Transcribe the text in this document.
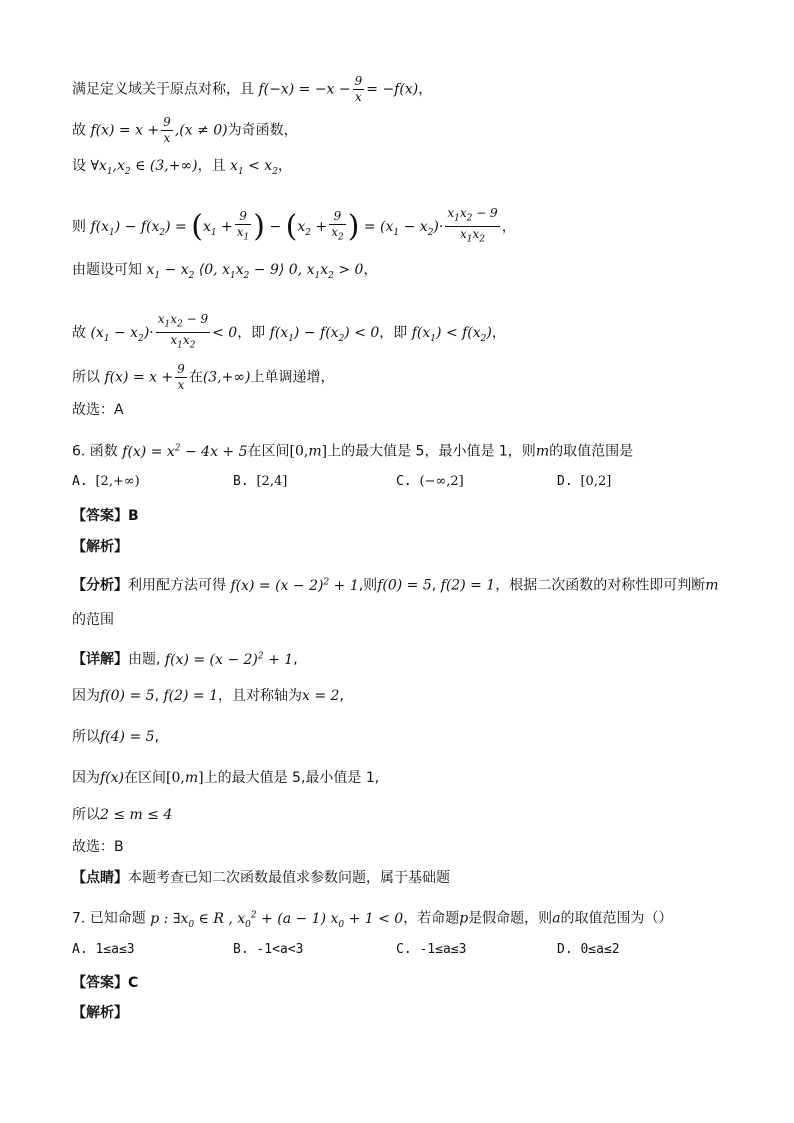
满足定义域关于原点对称，且 $f(-x) = -x - \frac{9}{x} = -f(x)$，
故 $f(x) = x + \frac{9}{x} ,(x \ne 0)$为奇函数，
设 $\forall x_1,x_2$ ∈ (3,+∞)，且 $x_1 < x_2$，
则 $f(x_1) - f(x_2) = (x_1 + \frac{9}{x_1}$ ) − ($x_2 + \frac{9}{x_2}$ ) = $(x_1 - x_2)\cdot \frac{x_1x_2 - 9}{x_1x_2}$ ，
由题设可知 $x_1 - x_2$ ⟨0, $x_1x_2$ − 9⟩ 0, $x_1x_2 > 0$，
故 $(x_1 - x_2)\cdot \frac{x_1x_2 - 9}{x_1x_2} < 0$，即 $f(x_1) - f(x_2) < 0$，即 $f(x_1) < f(x_2)$，
所以 $f(x) = x + \frac{9}{x}$ 在(3,+∞)上单调递增，
故选：A
6. 函数 $f(x) = x^2 - 4x + 5$在区间[0,m]上的最大值是 5，最小值是 1，则m的取值范围是
A. [2,+∞)	B. [2,4]	C. (−∞,2]	D. [0,2]
【答案】B
【解析】
【分析】利用配方法可得 $f(x) = (x - 2)^2 + 1$,则f(0) = 5, f(2) = 1，根据二次函数的对称性即可判断m
的范围
【详解】由题, $f(x) = (x - 2)^2 + 1$,
因为f(0) = 5, f(2) = 1，且对称轴为x = 2,
所以f(4) = 5,
因为f(x)在区间[0,m]上的最大值是 5,最小值是 1,
所以2 ≤ m ≤ 4
故选：B
【点睛】本题考查已知二次函数最值求参数问题，属于基础题
7. 已知命题 p : $\exists x_0$ ∈ R , $x_0^2 + (a - 1) x_0 + 1 < 0$，若命题p是假命题，则a的取值范围为（）
A. 1≤a≤3	B. -1<a<3	C. -1≤a≤3	D. 0≤a≤2
【答案】C
【解析】
